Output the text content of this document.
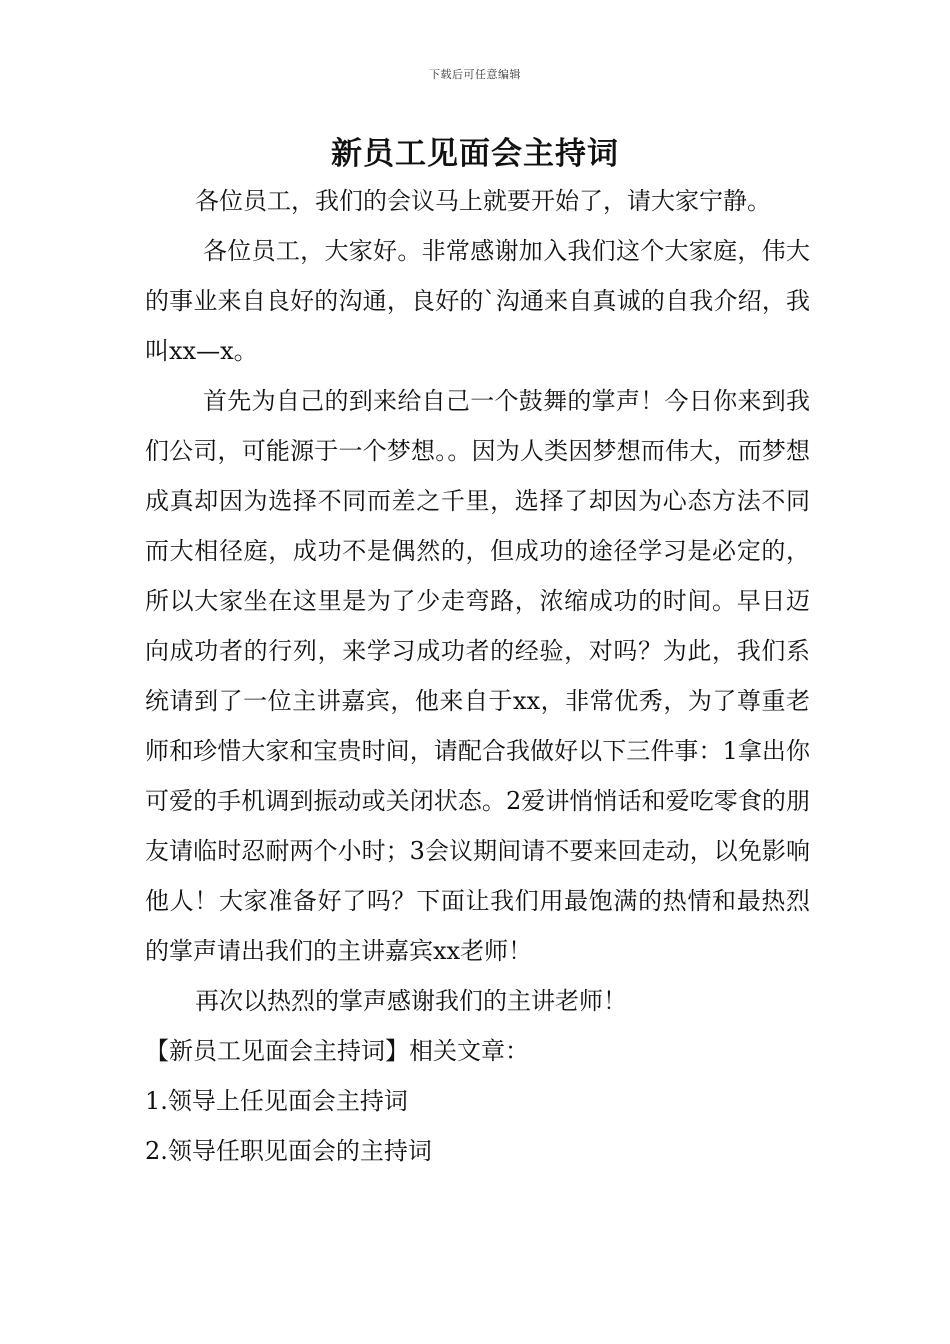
下载后可任意编辑
新员工见面会主持词

各位员工，我们的会议马上就要开始了，请大家宁静。

各位员工，大家好。非常感谢加入我们这个大家庭，伟大的事业来自良好的沟通，良好的`沟通来自真诚的自我介绍，我叫xx—x。

首先为自己的到来给自己一个鼓舞的掌声！今日你来到我们公司，可能源于一个梦想。。因为人类因梦想而伟大，而梦想成真却因为选择不同而差之千里，选择了却因为心态方法不同而大相径庭，成功不是偶然的，但成功的途径学习是必定的，所以大家坐在这里是为了少走弯路，浓缩成功的时间。早日迈向成功者的行列，来学习成功者的经验，对吗？为此，我们系统请到了一位主讲嘉宾，他来自于xx，非常优秀，为了尊重老师和珍惜大家和宝贵时间，请配合我做好以下三件事：1拿出你可爱的手机调到振动或关闭状态。2爱讲悄悄话和爱吃零食的朋友请临时忍耐两个小时；3会议期间请不要来回走动，以免影响他人！大家准备好了吗？下面让我们用最饱满的热情和最热烈的掌声请出我们的主讲嘉宾xx老师！

再次以热烈的掌声感谢我们的主讲老师！

【新员工见面会主持词】相关文章：

1.领导上任见面会主持词

2.领导任职见面会的主持词
